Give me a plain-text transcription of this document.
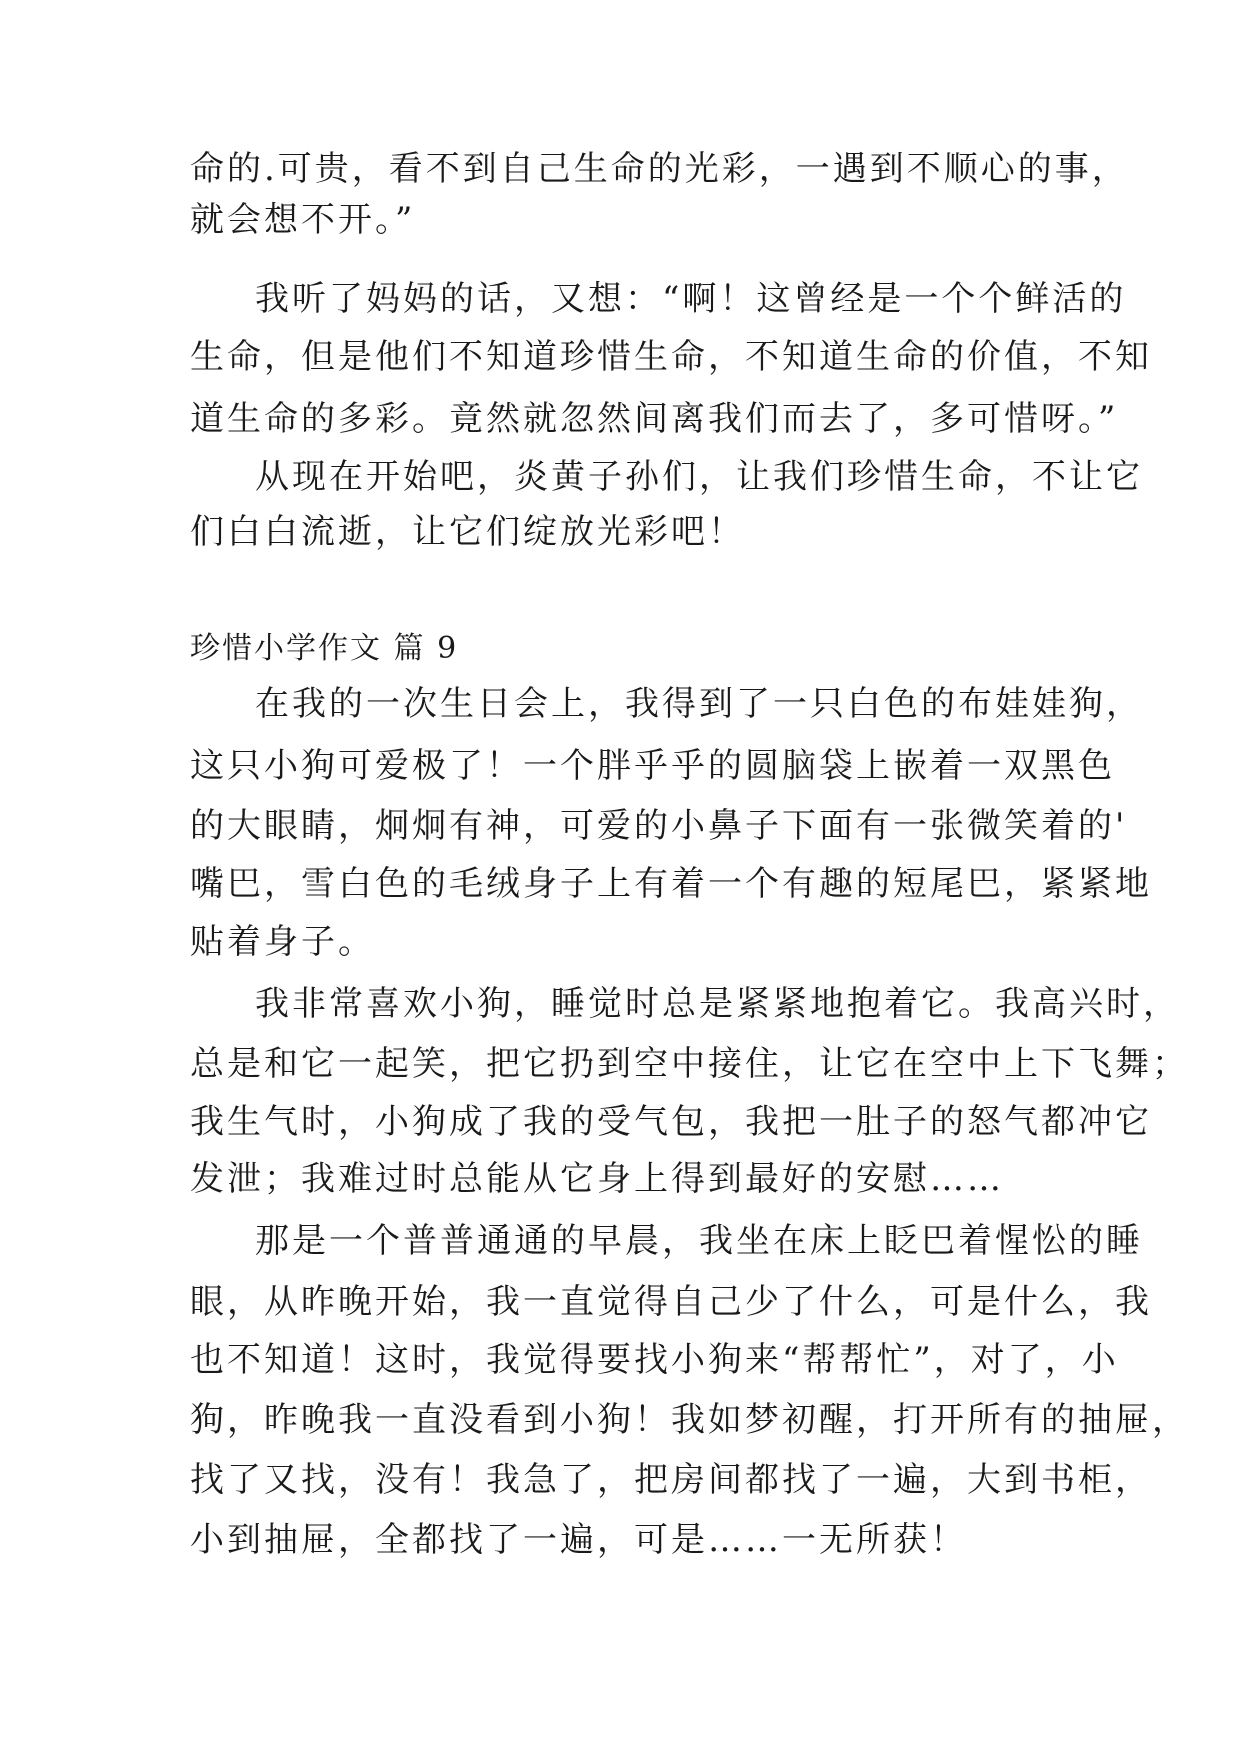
命的.可贵，看不到自己生命的光彩，一遇到不顺心的事，
就会想不开。”
我听了妈妈的话，又想：“啊！这曾经是一个个鲜活的
生命，但是他们不知道珍惜生命，不知道生命的价值，不知
道生命的多彩。竟然就忽然间离我们而去了，多可惜呀。”
从现在开始吧，炎黄子孙们，让我们珍惜生命，不让它
们白白流逝，让它们绽放光彩吧！
珍惜小学作文 篇 9
在我的一次生日会上，我得到了一只白色的布娃娃狗，
这只小狗可爱极了！一个胖乎乎的圆脑袋上嵌着一双黑色
的大眼睛，炯炯有神，可爱的小鼻子下面有一张微笑着的'
嘴巴，雪白色的毛绒身子上有着一个有趣的短尾巴，紧紧地
贴着身子。
我非常喜欢小狗，睡觉时总是紧紧地抱着它。我高兴时，
总是和它一起笑，把它扔到空中接住，让它在空中上下飞舞；
我生气时，小狗成了我的受气包，我把一肚子的怒气都冲它
发泄；我难过时总能从它身上得到最好的安慰……
那是一个普普通通的早晨，我坐在床上眨巴着惺忪的睡
眼，从昨晚开始，我一直觉得自己少了什么，可是什么，我
也不知道！这时，我觉得要找小狗来“帮帮忙”，对了，小
狗，昨晚我一直没看到小狗！我如梦初醒，打开所有的抽屉，
找了又找，没有！我急了，把房间都找了一遍，大到书柜，
小到抽屉，全都找了一遍，可是……一无所获！
